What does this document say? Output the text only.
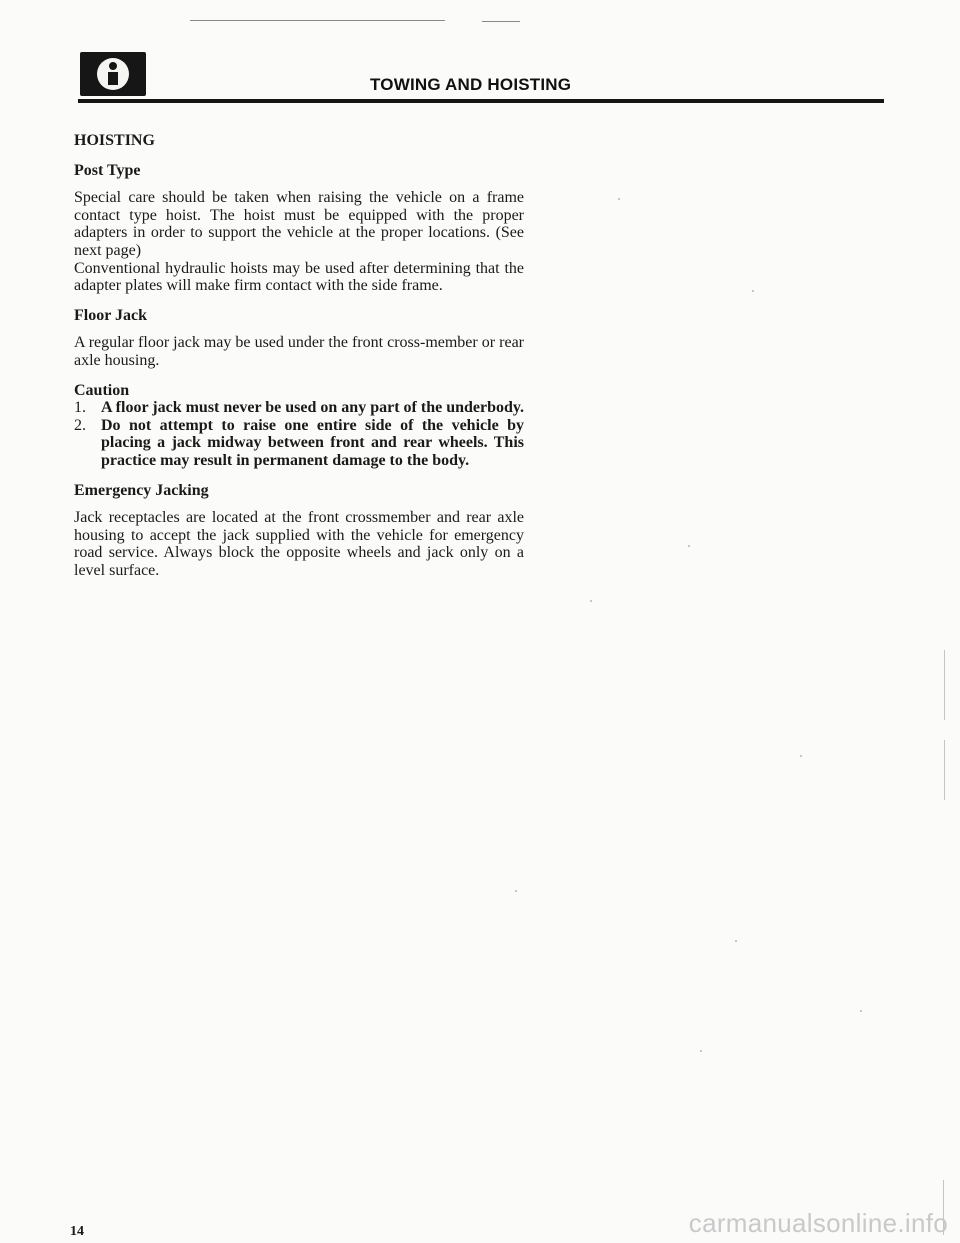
TOWING AND HOISTING

HOISTING

Post Type

Special care should be taken when raising the vehicle on a frame contact type hoist. The hoist must be equipped with the proper adapters in order to support the vehicle at the proper locations. (See next page)

Conventional hydraulic hoists may be used after determining that the adapter plates will make firm contact with the side frame.

Floor Jack

A regular floor jack may be used under the front cross-member or rear axle housing.

Caution

1. A floor jack must never be used on any part of the underbody.
2. Do not attempt to raise one entire side of the vehicle by placing a jack midway between front and rear wheels. This practice may result in permanent damage to the body.

Emergency Jacking

Jack receptacles are located at the front crossmember and rear axle housing to accept the jack supplied with the vehicle for emergency road service. Always block the opposite wheels and jack only on a level surface.

14	carmanualsonline.info
